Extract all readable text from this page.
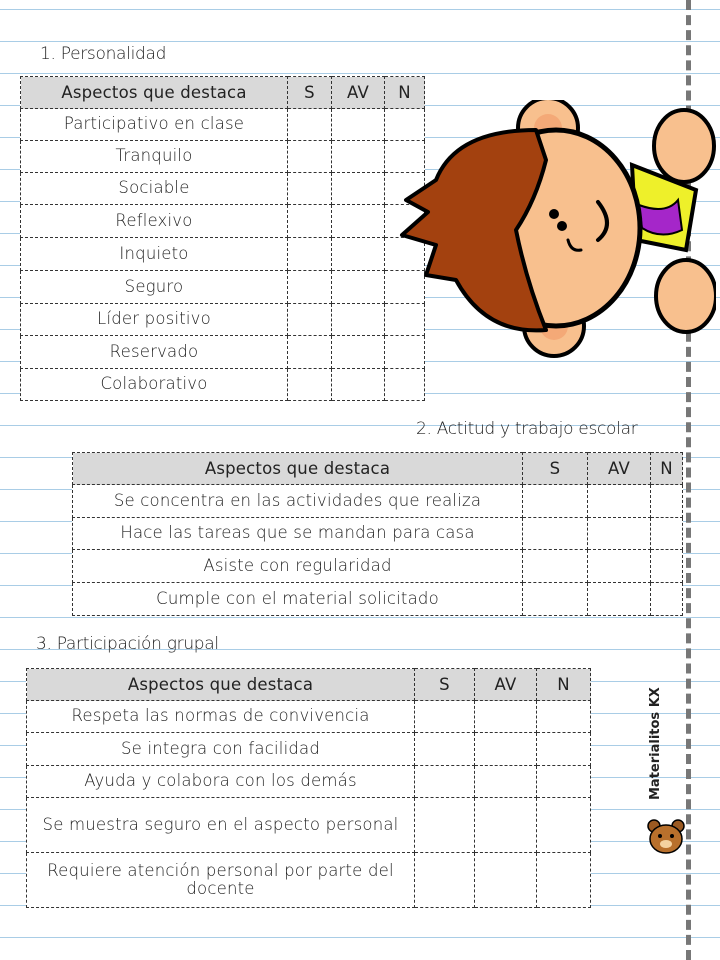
1. Personalidad
Aspectos que destaca	S	AV	N
Participativo en clase			
Tranquilo			
Sociable			
Reflexivo			
Inquieto			
Seguro			
Líder positivo			
Reservado			
Colaborativo			
2. Actitud y trabajo escolar
Aspectos que destaca	S	AV	N
Se concentra en las actividades que realiza			
Hace las tareas que se mandan para casa			
Asiste con regularidad			
Cumple con el material solicitado			
3. Participación grupal
Aspectos que destaca	S	AV	N
Respeta las normas de convivencia			
Se integra con facilidad			
Ayuda y colabora con los demás			
Se muestra seguro en el aspecto personal			
Requiere atención personal por parte del docente			
Materialitos KX
